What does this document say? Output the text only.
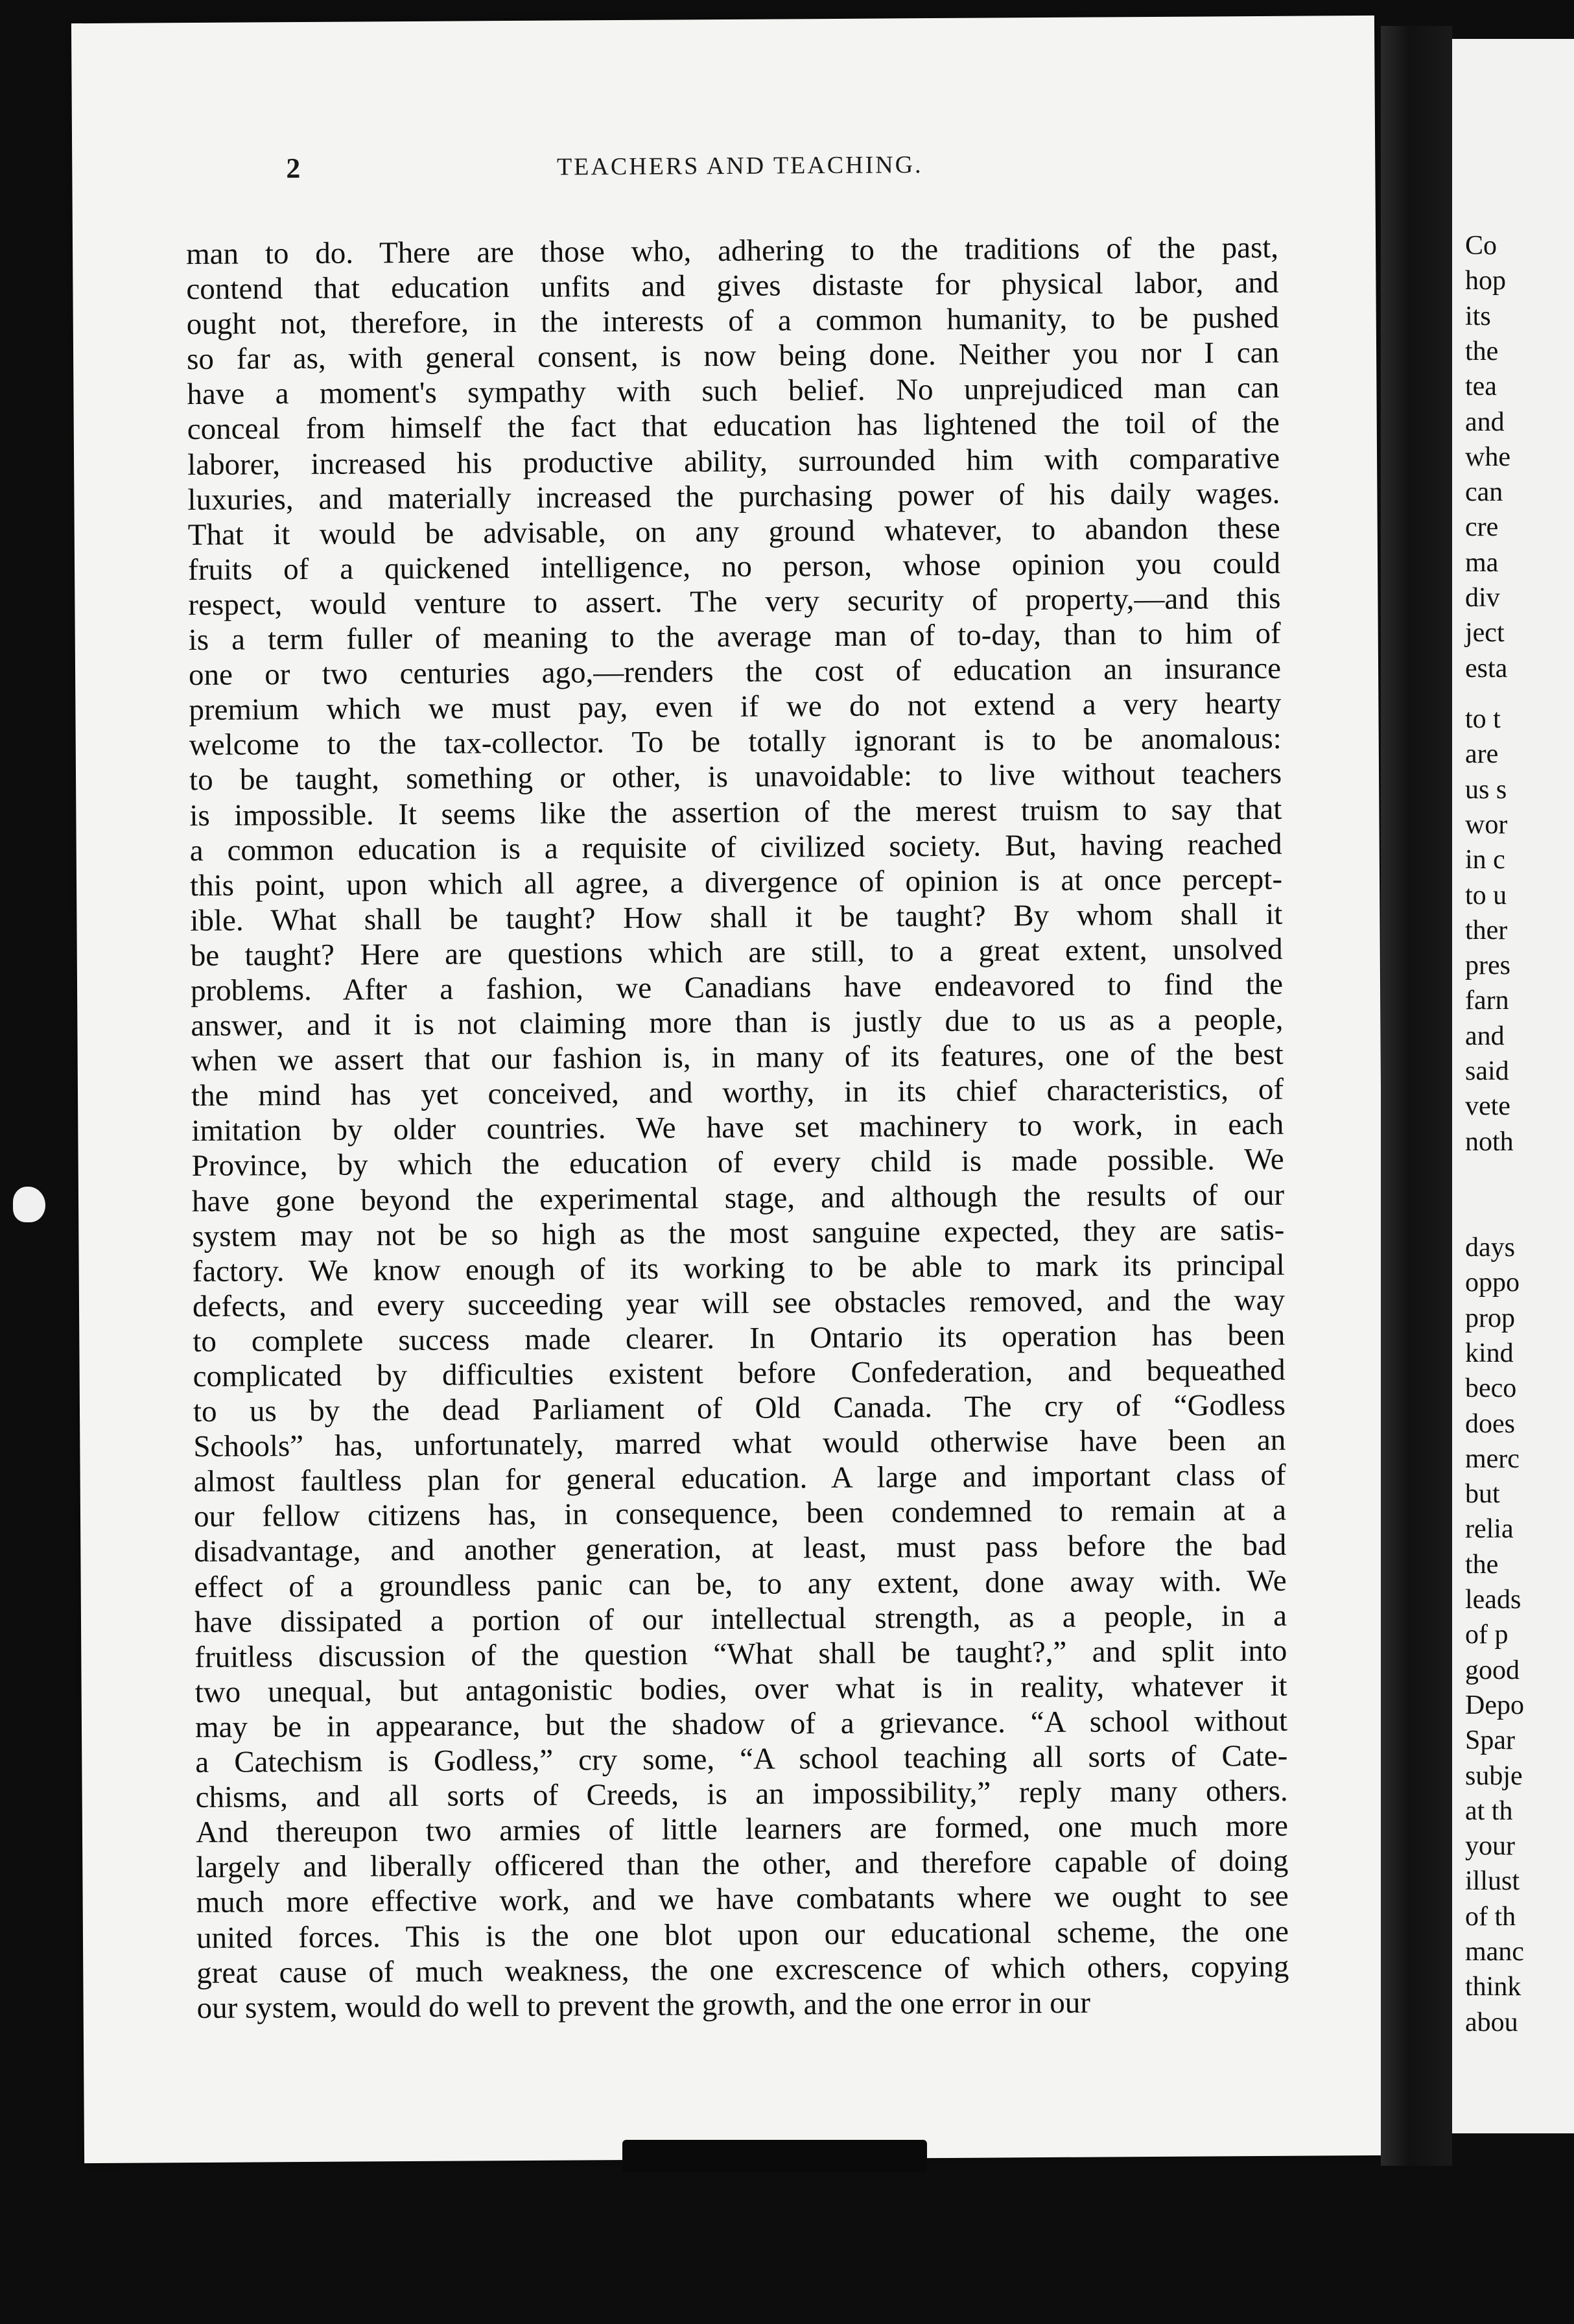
2	TEACHERS AND TEACHING.
man to do. There are those who, adhering to the traditions of the past,
contend that education unfits and gives distaste for physical labor, and
ought not, therefore, in the interests of a common humanity, to be pushed
so far as, with general consent, is now being done. Neither you nor I can
have a moment's sympathy with such belief. No unprejudiced man can
conceal from himself the fact that education has lightened the toil of the
laborer, increased his productive ability, surrounded him with comparative
luxuries, and materially increased the purchasing power of his daily wages.
That it would be advisable, on any ground whatever, to abandon these
fruits of a quickened intelligence, no person, whose opinion you could
respect, would venture to assert. The very security of property,—and this
is a term fuller of meaning to the average man of to-day, than to him of
one or two centuries ago,—renders the cost of education an insurance
premium which we must pay, even if we do not extend a very hearty
welcome to the tax-collector. To be totally ignorant is to be anomalous:
to be taught, something or other, is unavoidable: to live without teachers
is impossible. It seems like the assertion of the merest truism to say that
a common education is a requisite of civilized society. But, having reached
this point, upon which all agree, a divergence of opinion is at once percept-
ible. What shall be taught? How shall it be taught? By whom shall it
be taught? Here are questions which are still, to a great extent, unsolved
problems. After a fashion, we Canadians have endeavored to find the
answer, and it is not claiming more than is justly due to us as a people,
when we assert that our fashion is, in many of its features, one of the best
the mind has yet conceived, and worthy, in its chief characteristics, of
imitation by older countries. We have set machinery to work, in each
Province, by which the education of every child is made possible. We
have gone beyond the experimental stage, and although the results of our
system may not be so high as the most sanguine expected, they are satis-
factory. We know enough of its working to be able to mark its principal
defects, and every succeeding year will see obstacles removed, and the way
to complete success made clearer. In Ontario its operation has been
complicated by difficulties existent before Confederation, and bequeathed
to us by the dead Parliament of Old Canada. The cry of “Godless
Schools” has, unfortunately, marred what would otherwise have been an
almost faultless plan for general education. A large and important class of
our fellow citizens has, in consequence, been condemned to remain at a
disadvantage, and another generation, at least, must pass before the bad
effect of a groundless panic can be, to any extent, done away with. We
have dissipated a portion of our intellectual strength, as a people, in a
fruitless discussion of the question “What shall be taught?,” and split into
two unequal, but antagonistic bodies, over what is in reality, whatever it
may be in appearance, but the shadow of a grievance. “A school without
a Catechism is Godless,” cry some, “A school teaching all sorts of Cate-
chisms, and all sorts of Creeds, is an impossibility,” reply many others.
And thereupon two armies of little learners are formed, one much more
largely and liberally officered than the other, and therefore capable of doing
much more effective work, and we have combatants where we ought to see
united forces. This is the one blot upon our educational scheme, the one
great cause of much weakness, the one excrescence of which others, copying
our system, would do well to prevent the growth, and the one error in our
Co
hop
its
the
tea
and
whe
can
cre
ma
div
ject
esta
to t
are
us s
wor
in c
to u
ther
pres
farn
and
said
vete
noth
days
oppo
prop
kind
beco
does
merc
but
relia
the
leads
of p
good
Depo
Spar
subje
at th
your
illust
of th
manc
think
abou
